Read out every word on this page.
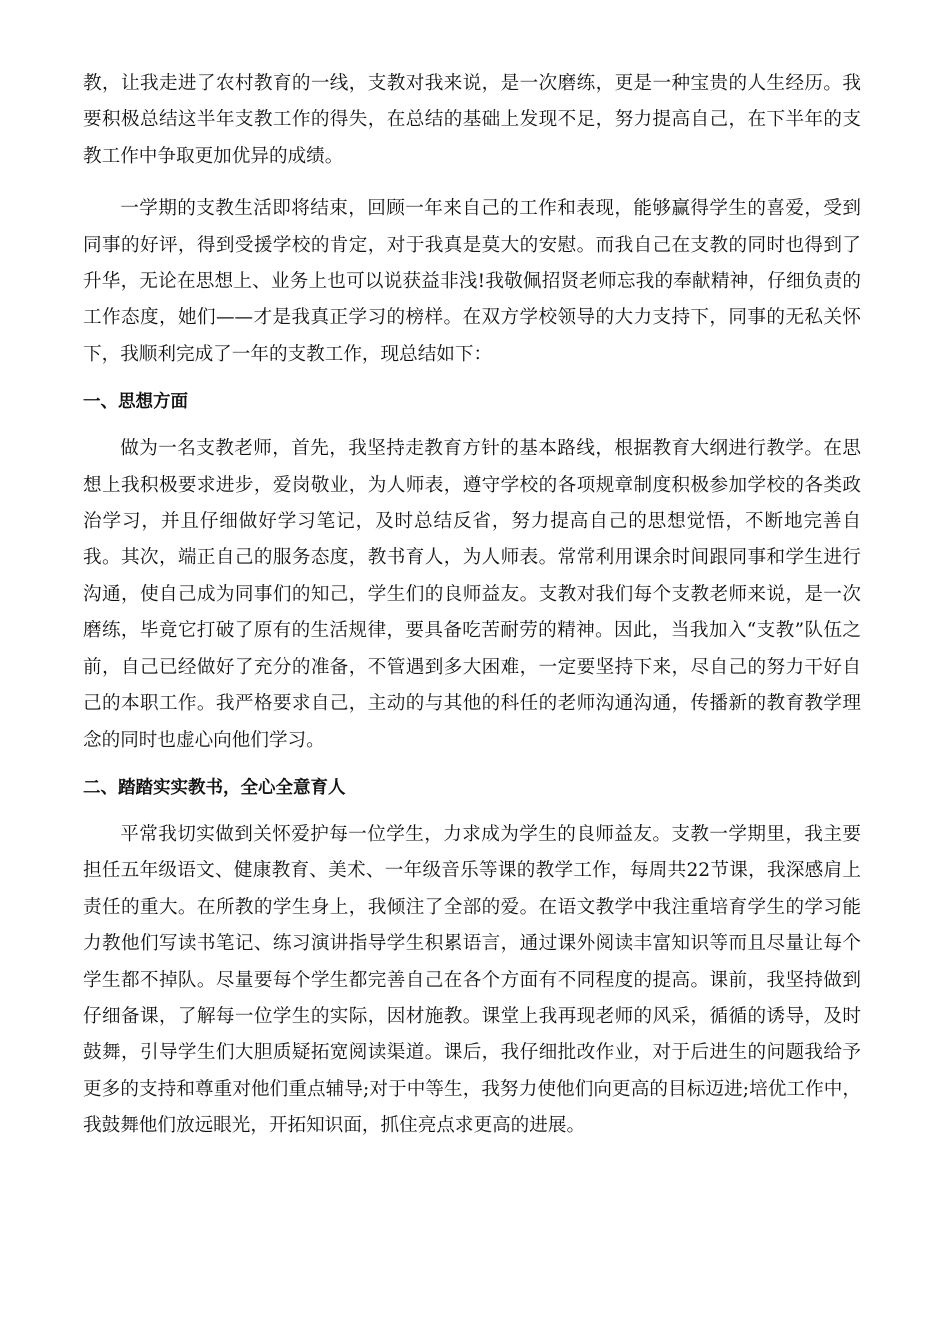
教，让我走进了农村教育的一线，支教对我来说，是一次磨练，更是一种宝贵的人生经历。我要积极总结这半年支教工作的得失，在总结的基础上发现不足，努力提高自己，在下半年的支教工作中争取更加优异的成绩。

一学期的支教生活即将结束，回顾一年来自己的工作和表现，能够赢得学生的喜爱，受到同事的好评，得到受援学校的肯定，对于我真是莫大的安慰。而我自己在支教的同时也得到了升华，无论在思想上、业务上也可以说获益非浅!我敬佩招贤老师忘我的奉献精神，仔细负责的工作态度，她们——才是我真正学习的榜样。在双方学校领导的大力支持下，同事的无私关怀下，我顺利完成了一年的支教工作，现总结如下：

一、思想方面

做为一名支教老师，首先，我坚持走教育方针的基本路线，根据教育大纲进行教学。在思想上我积极要求进步，爱岗敬业，为人师表，遵守学校的各项规章制度积极参加学校的各类政治学习，并且仔细做好学习笔记，及时总结反省，努力提高自己的思想觉悟，不断地完善自我。其次，端正自己的服务态度，教书育人，为人师表。常常利用课余时间跟同事和学生进行沟通，使自己成为同事们的知己，学生们的良师益友。支教对我们每个支教老师来说，是一次磨练，毕竟它打破了原有的生活规律，要具备吃苦耐劳的精神。因此，当我加入“支教”队伍之前，自己已经做好了充分的准备，不管遇到多大困难，一定要坚持下来，尽自己的努力干好自己的本职工作。我严格要求自己，主动的与其他的科任的老师沟通沟通，传播新的教育教学理念的同时也虚心向他们学习。

二、踏踏实实教书，全心全意育人

平常我切实做到关怀爱护每一位学生，力求成为学生的良师益友。支教一学期里，我主要担任五年级语文、健康教育、美术、一年级音乐等课的教学工作，每周共22节课，我深感肩上责任的重大。在所教的学生身上，我倾注了全部的爱。在语文教学中我注重培育学生的学习能力教他们写读书笔记、练习演讲指导学生积累语言，通过课外阅读丰富知识等而且尽量让每个学生都不掉队。尽量要每个学生都完善自己在各个方面有不同程度的提高。课前，我坚持做到仔细备课，了解每一位学生的实际，因材施教。课堂上我再现老师的风采，循循的诱导，及时鼓舞，引导学生们大胆质疑拓宽阅读渠道。课后，我仔细批改作业，对于后进生的问题我给予更多的支持和尊重对他们重点辅导;对于中等生，我努力使他们向更高的目标迈进;培优工作中，我鼓舞他们放远眼光，开拓知识面，抓住亮点求更高的进展。
